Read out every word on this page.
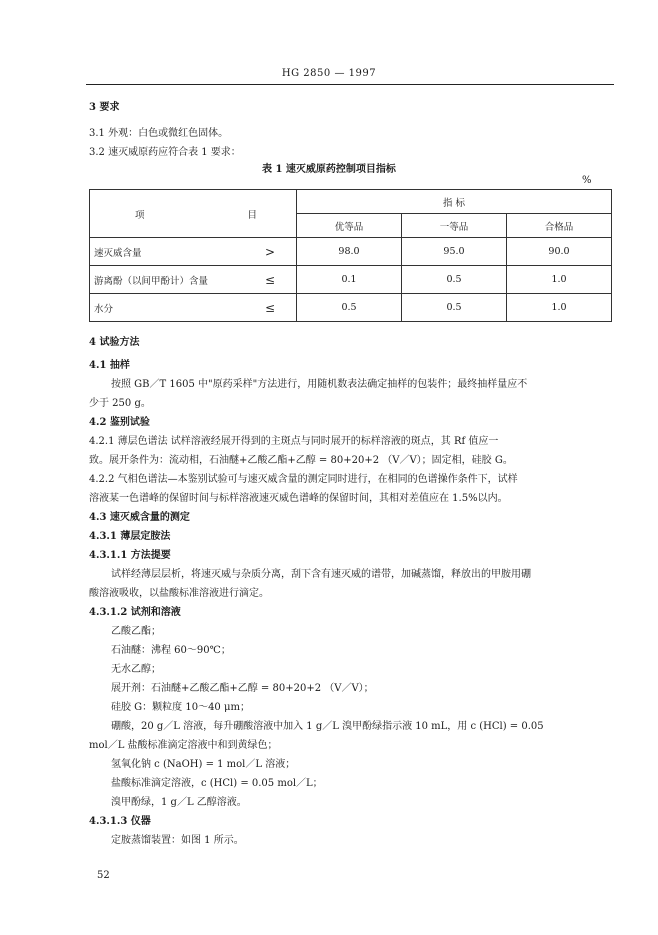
HG 2850 — 1997
3 要求
3.1 外观：白色或微红色固体。
3.2 速灭威原药应符合表 1 要求：
表 1 速灭威原药控制项目指标
%
项 目		指 标		
		优等品	一等品	合格品
速灭威含量	>	98.0	95.0	90.0
游离酚（以间甲酚计）含量	≤	0.1	0.5	1.0
水分	≤	0.5	0.5	1.0
4 试验方法
4.1 抽样
按照 GB／T 1605 中"原药采样"方法进行，用随机数表法确定抽样的包装件；最终抽样量应不
少于 250 g。
4.2 鉴别试验
4.2.1 薄层色谱法 试样溶液经展开得到的主斑点与同时展开的标样溶液的斑点，其 Rf 值应一
致。展开条件为：流动相，石油醚+乙酸乙酯+乙醇 = 80+20+2 （V／V）；固定相，硅胶 G。
4.2.2 气相色谱法—本鉴别试验可与速灭威含量的测定同时进行，在相同的色谱操作条件下，试样
溶液某一色谱峰的保留时间与标样溶液速灭威色谱峰的保留时间，其相对差值应在 1.5%以内。
4.3 速灭威含量的测定
4.3.1 薄层定胺法
4.3.1.1 方法提要
试样经薄层层析，将速灭威与杂质分离，刮下含有速灭威的谱带，加碱蒸馏，释放出的甲胺用硼
酸溶液吸收，以盐酸标准溶液进行滴定。
4.3.1.2 试剂和溶液
乙酸乙酯；
石油醚：沸程 60～90℃；
无水乙醇；
展开剂：石油醚+乙酸乙酯+乙醇 = 80+20+2 （V／V）；
硅胶 G：颗粒度 10～40 μm；
硼酸，20 g／L 溶液，每升硼酸溶液中加入 1 g／L 溴甲酚绿指示液 10 mL，用 c (HCl) = 0.05
mol／L 盐酸标准滴定溶液中和到黄绿色；
氢氧化钠 c (NaOH) = 1 mol／L 溶液；
盐酸标准滴定溶液，c (HCl) = 0.05 mol／L；
溴甲酚绿，1 g／L 乙醇溶液。
4.3.1.3 仪器
定胺蒸馏装置：如图 1 所示。
52
